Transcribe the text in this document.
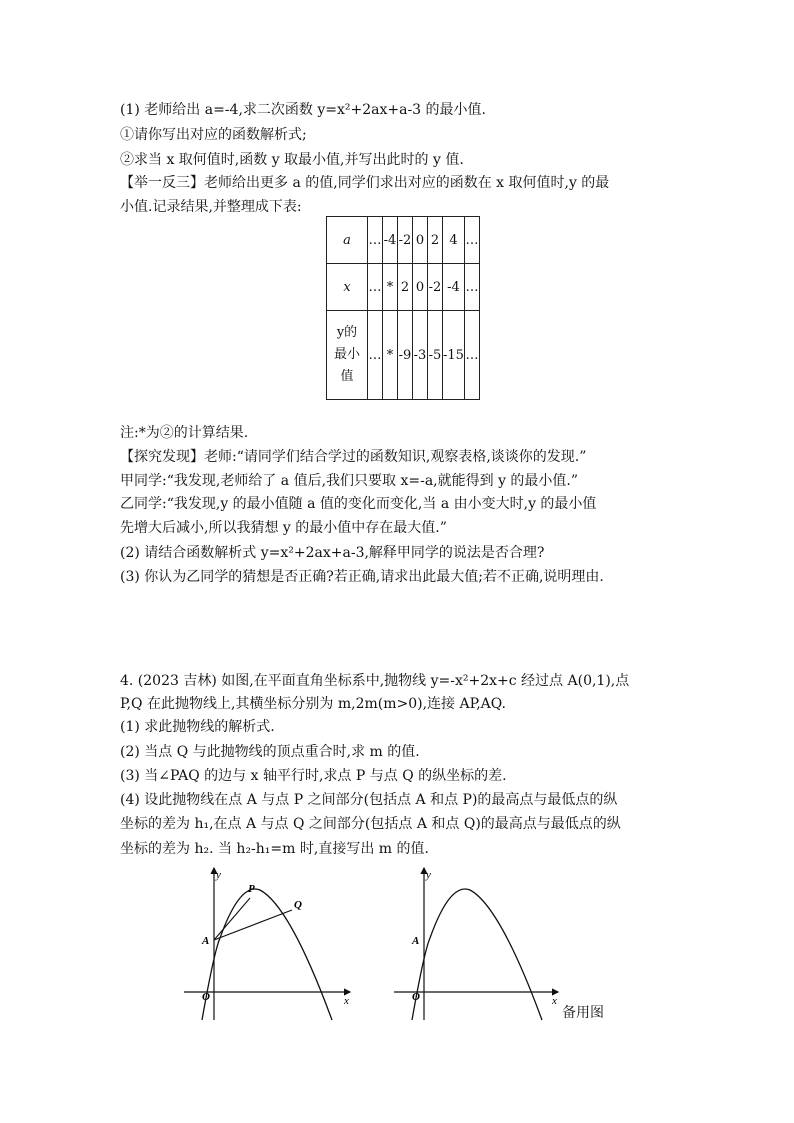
(1) 老师给出 a=-4,求二次函数 y=x²+2ax+a-3 的最小值.
①请你写出对应的函数解析式;
②求当 x 取何值时,函数 y 取最小值,并写出此时的 y 值.
【举一反三】老师给出更多 a 的值,同学们求出对应的函数在 x 取何值时,y 的最
小值.记录结果,并整理成下表:
a	…	-4	-2	0	2	4	…
x	…	*	2	0	-2	-4	…
y的最小值	…	*	-9	-3	-5	-15	…
注:*为②的计算结果.
【探究发现】老师:“请同学们结合学过的函数知识,观察表格,谈谈你的发现.”
甲同学:“我发现,老师给了 a 值后,我们只要取 x=-a,就能得到 y 的最小值.”
乙同学:“我发现,y 的最小值随 a 值的变化而变化,当 a 由小变大时,y 的最小值
先增大后减小,所以我猜想 y 的最小值中存在最大值.”
(2) 请结合函数解析式 y=x²+2ax+a-3,解释甲同学的说法是否合理?
(3) 你认为乙同学的猜想是否正确?若正确,请求出此最大值;若不正确,说明理由.
4. (2023 吉林) 如图,在平面直角坐标系中,抛物线 y=-x²+2x+c 经过点 A(0,1),点
P,Q 在此抛物线上,其横坐标分别为 m,2m(m>0),连接 AP,AQ.
(1) 求此抛物线的解析式.
(2) 当点 Q 与此抛物线的顶点重合时,求 m 的值.
(3) 当∠PAQ 的边与 x 轴平行时,求点 P 与点 Q 的纵坐标的差.
(4) 设此抛物线在点 A 与点 P 之间部分(包括点 A 和点 P)的最高点与最低点的纵
坐标的差为 h₁,在点 A 与点 Q 之间部分(包括点 A 和点 Q)的最高点与最低点的纵
坐标的差为 h₂. 当 h₂-h₁=m 时,直接写出 m 的值.
y
x
O
A
P
Q
y
x
O
A
备用图
